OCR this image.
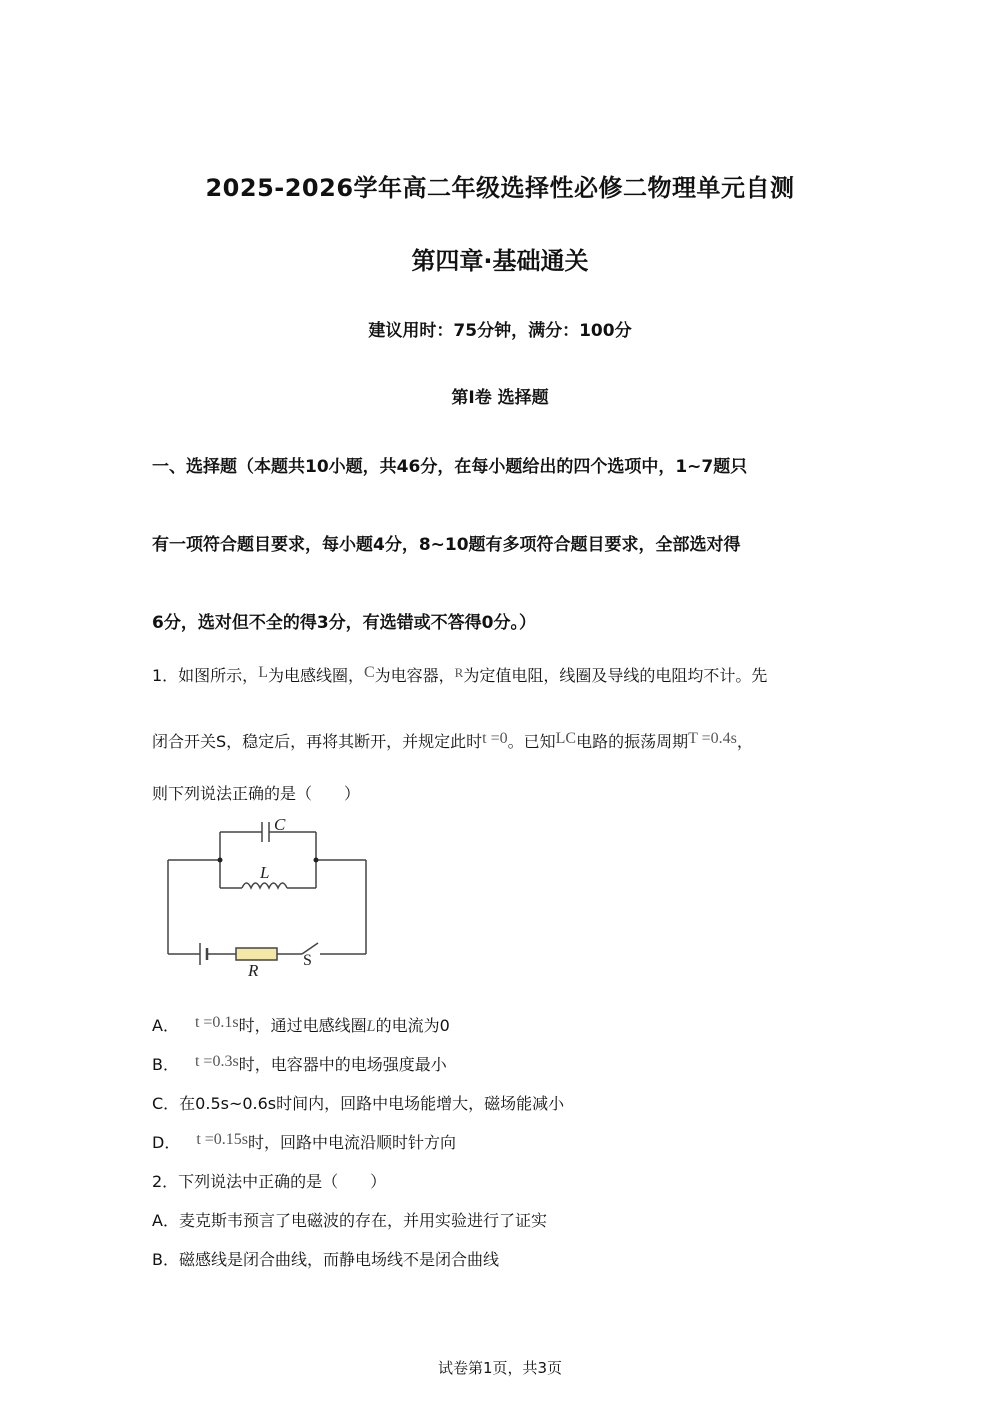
2025-2026学年高二年级选择性必修二物理单元自测
第四章·基础通关
建议用时：75分钟，满分：100分
第Ⅰ卷 选择题
一、选择题（本题共10小题，共46分，在每小题给出的四个选项中，1~7题只
有一项符合题目要求，每小题4分，8~10题有多项符合题目要求，全部选对得
6分，选对但不全的得3分，有选错或不答得0分。）
1．如图所示，L为电感线圈，C为电容器，$^R$为定值电阻，线圈及导线的电阻均不计。先
闭合开关S，稳定后，再将其断开，并规定此时t =0。已知LC电路的振荡周期T =0.4s，
则下列说法正确的是（　　）
C
L
R
S
A． t =0.1s时，通过电感线圈L的电流为0
B． t =0.3s时，电容器中的电场强度最小
C．在0.5s~0.6s时间内，回路中电场能增大，磁场能减小
D． t =0.15s时，回路中电流沿顺时针方向
2．下列说法中正确的是（　　）
A．麦克斯韦预言了电磁波的存在，并用实验进行了证实
B．磁感线是闭合曲线，而静电场线不是闭合曲线
试卷第1页，共3页
